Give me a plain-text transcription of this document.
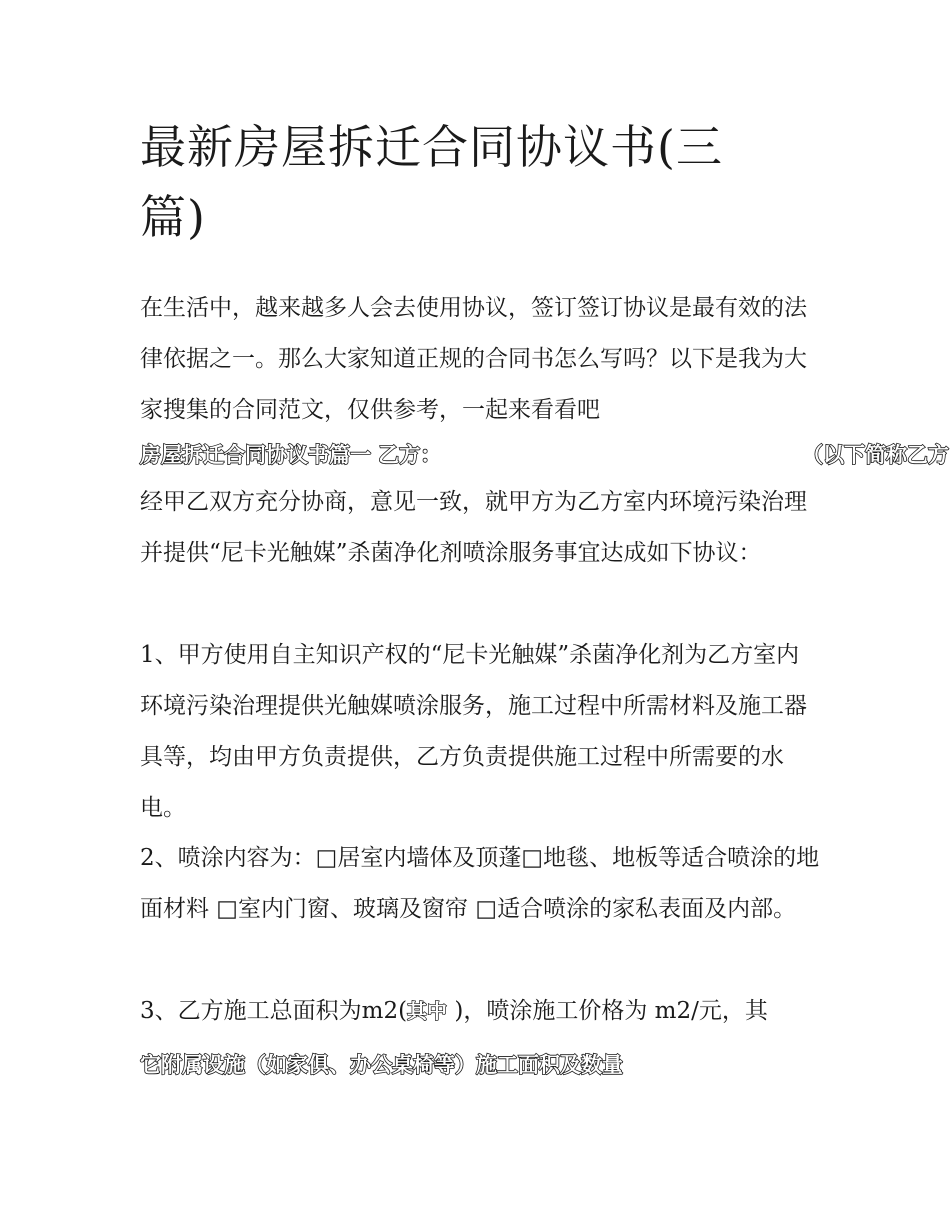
最新房屋拆迁合同协议书(三篇)

在生活中，越来越多人会去使用协议，签订签订协议是最有效的法律依据之一。那么大家知道正规的合同书怎么写吗？以下是我为大家搜集的合同范文，仅供参考，一起来看看吧

房屋拆迁合同协议书篇一 乙方：	（以下简称乙方

经甲乙双方充分协商，意见一致，就甲方为乙方室内环境污染治理并提供“尼卡光触媒”杀菌净化剂喷涂服务事宜达成如下协议：

1、甲方使用自主知识产权的“尼卡光触媒”杀菌净化剂为乙方室内环境污染治理提供光触媒喷涂服务，施工过程中所需材料及施工器具等，均由甲方负责提供，乙方负责提供施工过程中所需要的水电。

2、喷涂内容为：□居室内墙体及顶蓬□地毯、地板等适合喷涂的地面材料 □室内门窗、玻璃及窗帘 □适合喷涂的家私表面及内部。

3、乙方施工总面积为m2(其中 )，喷涂施工价格为 m2/元，其

它附属设施（如家俱、办公桌椅等）施工面积及数量
